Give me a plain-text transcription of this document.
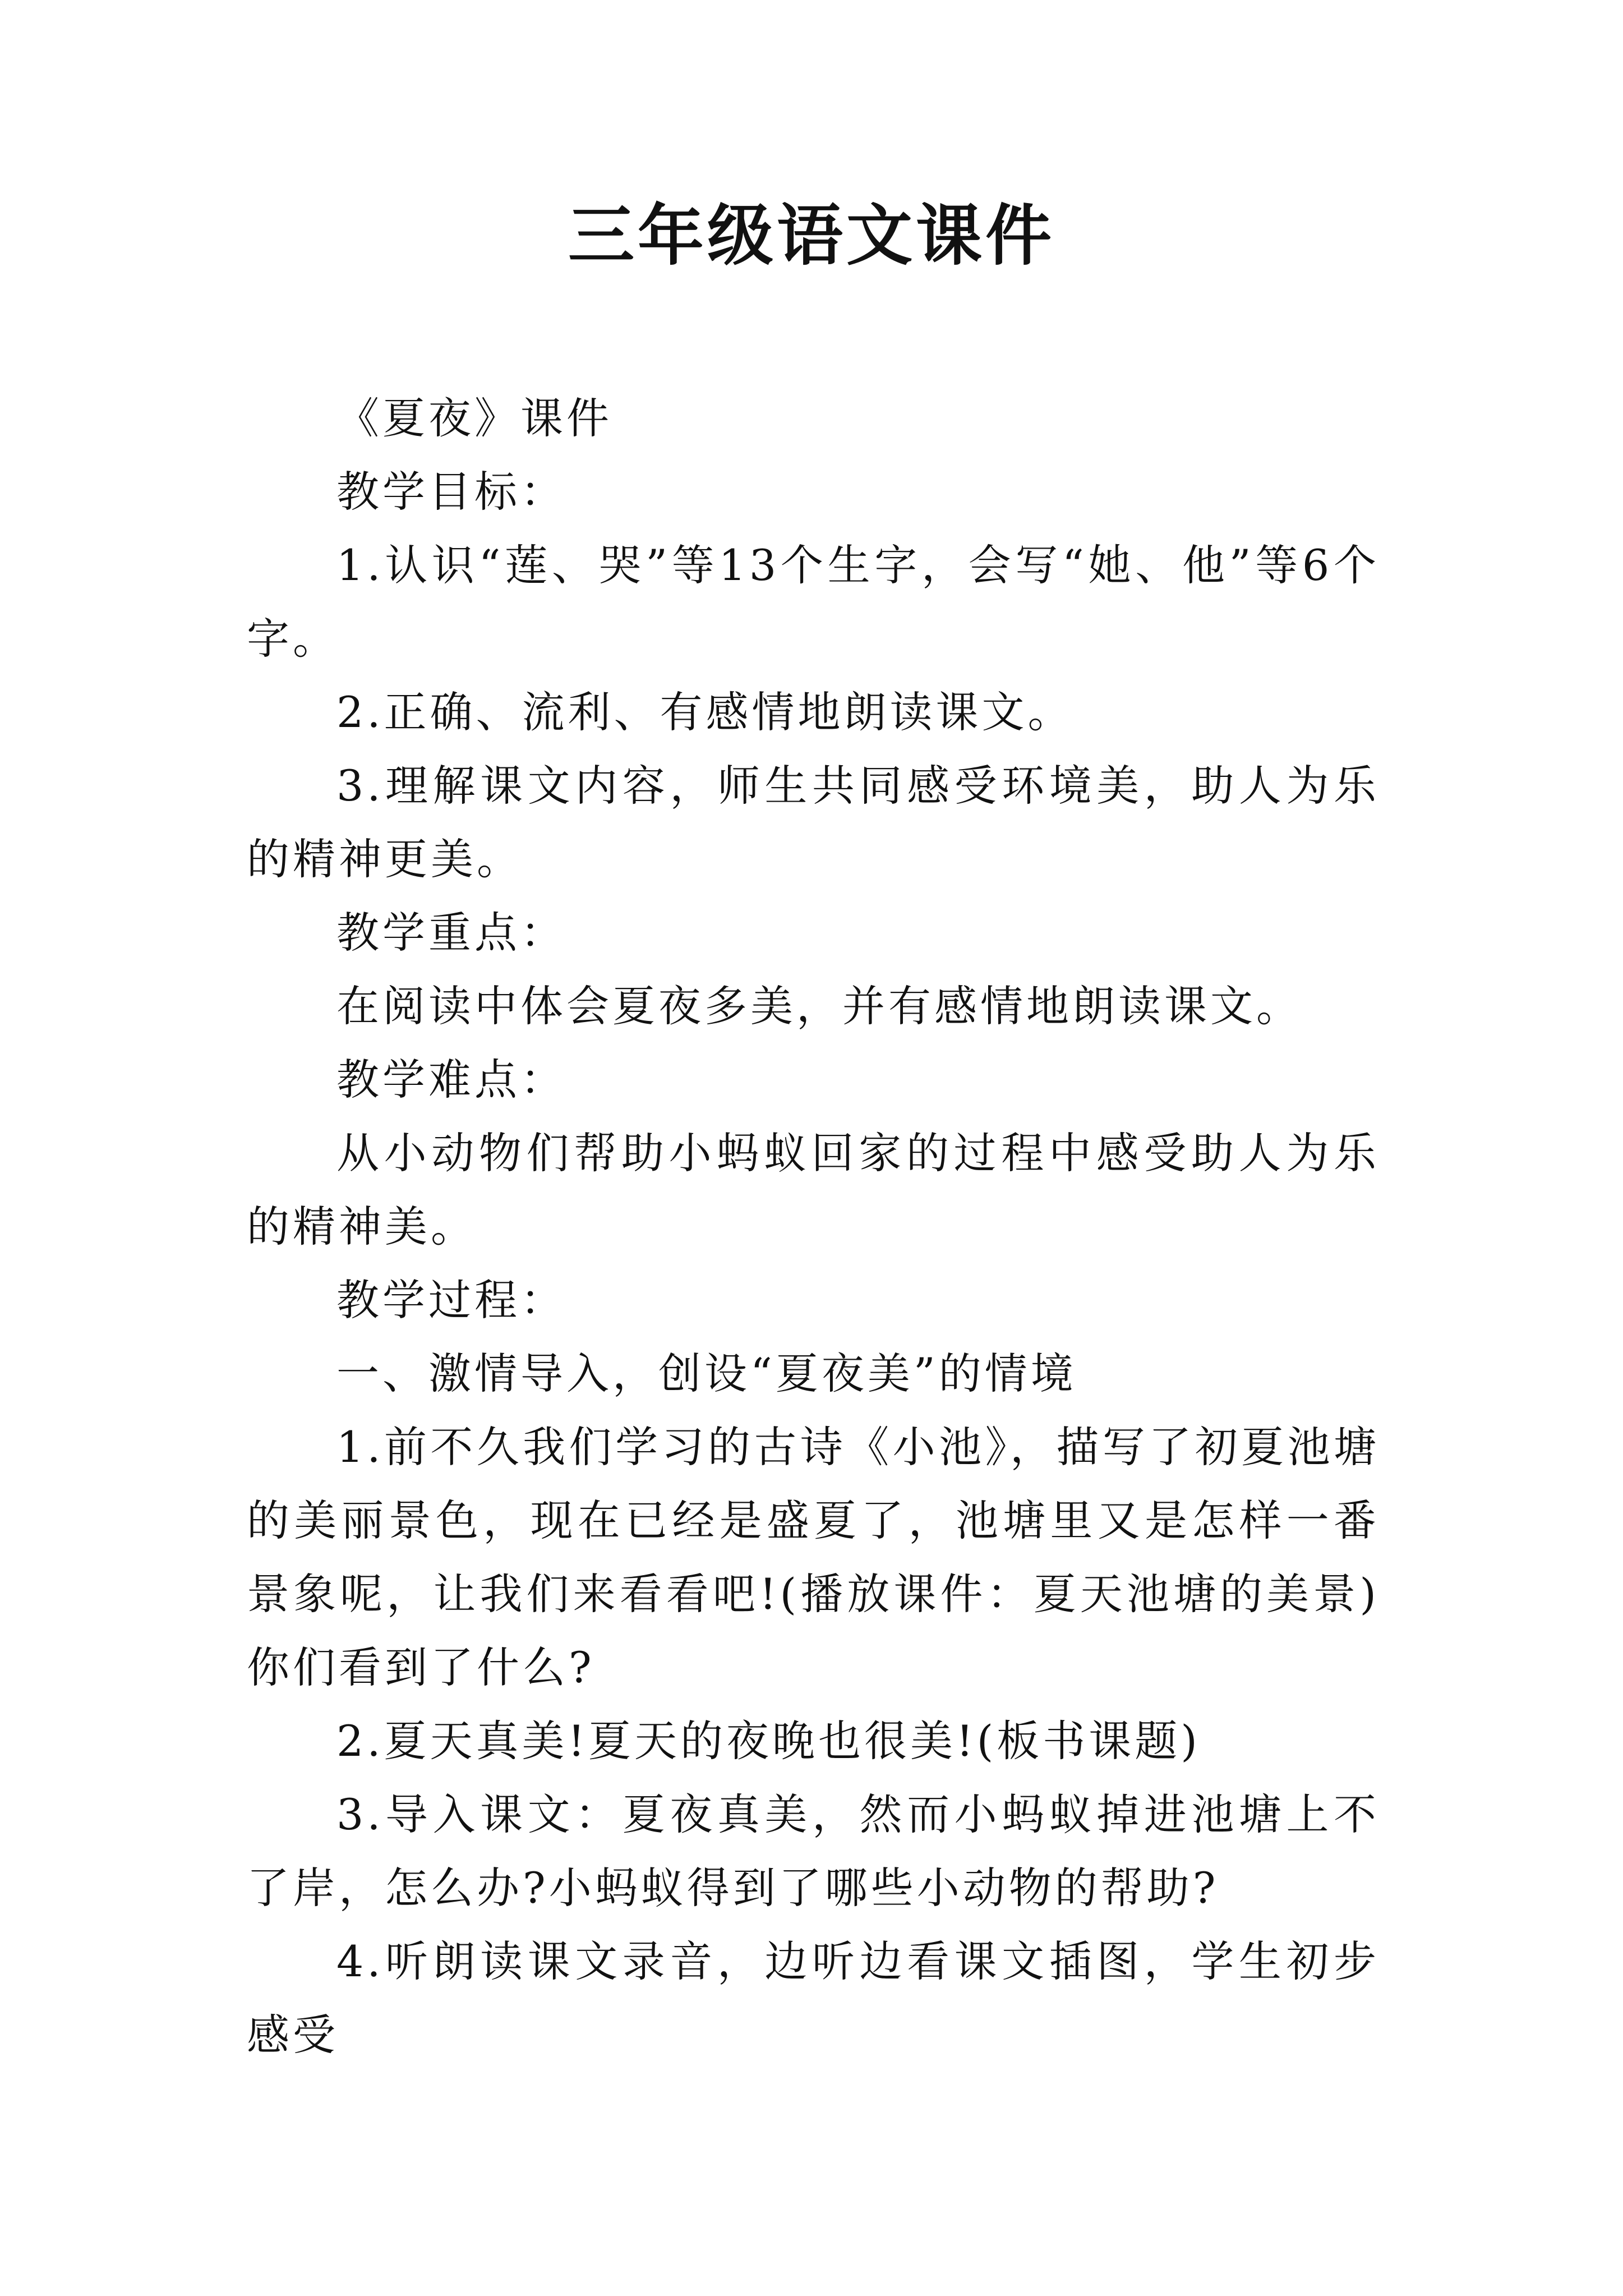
三年级语文课件

《夏夜》课件

教学目标：

1.认识“莲、哭”等13个生字，会写“她、他”等6个字。

2.正确、流利、有感情地朗读课文。

3.理解课文内容，师生共同感受环境美，助人为乐的精神更美。

教学重点：

在阅读中体会夏夜多美，并有感情地朗读课文。

教学难点：

从小动物们帮助小蚂蚁回家的过程中感受助人为乐的精神美。

教学过程：

一、激情导入，创设“夏夜美”的情境

1.前不久我们学习的古诗《小池》，描写了初夏池塘的美丽景色，现在已经是盛夏了，池塘里又是怎样一番景象呢，让我们来看看吧!(播放课件：夏天池塘的美景)你们看到了什么?

2.夏天真美!夏天的夜晚也很美!(板书课题)

3.导入课文：夏夜真美，然而小蚂蚁掉进池塘上不了岸，怎么办?小蚂蚁得到了哪些小动物的帮助?

4.听朗读课文录音，边听边看课文插图，学生初步感受
